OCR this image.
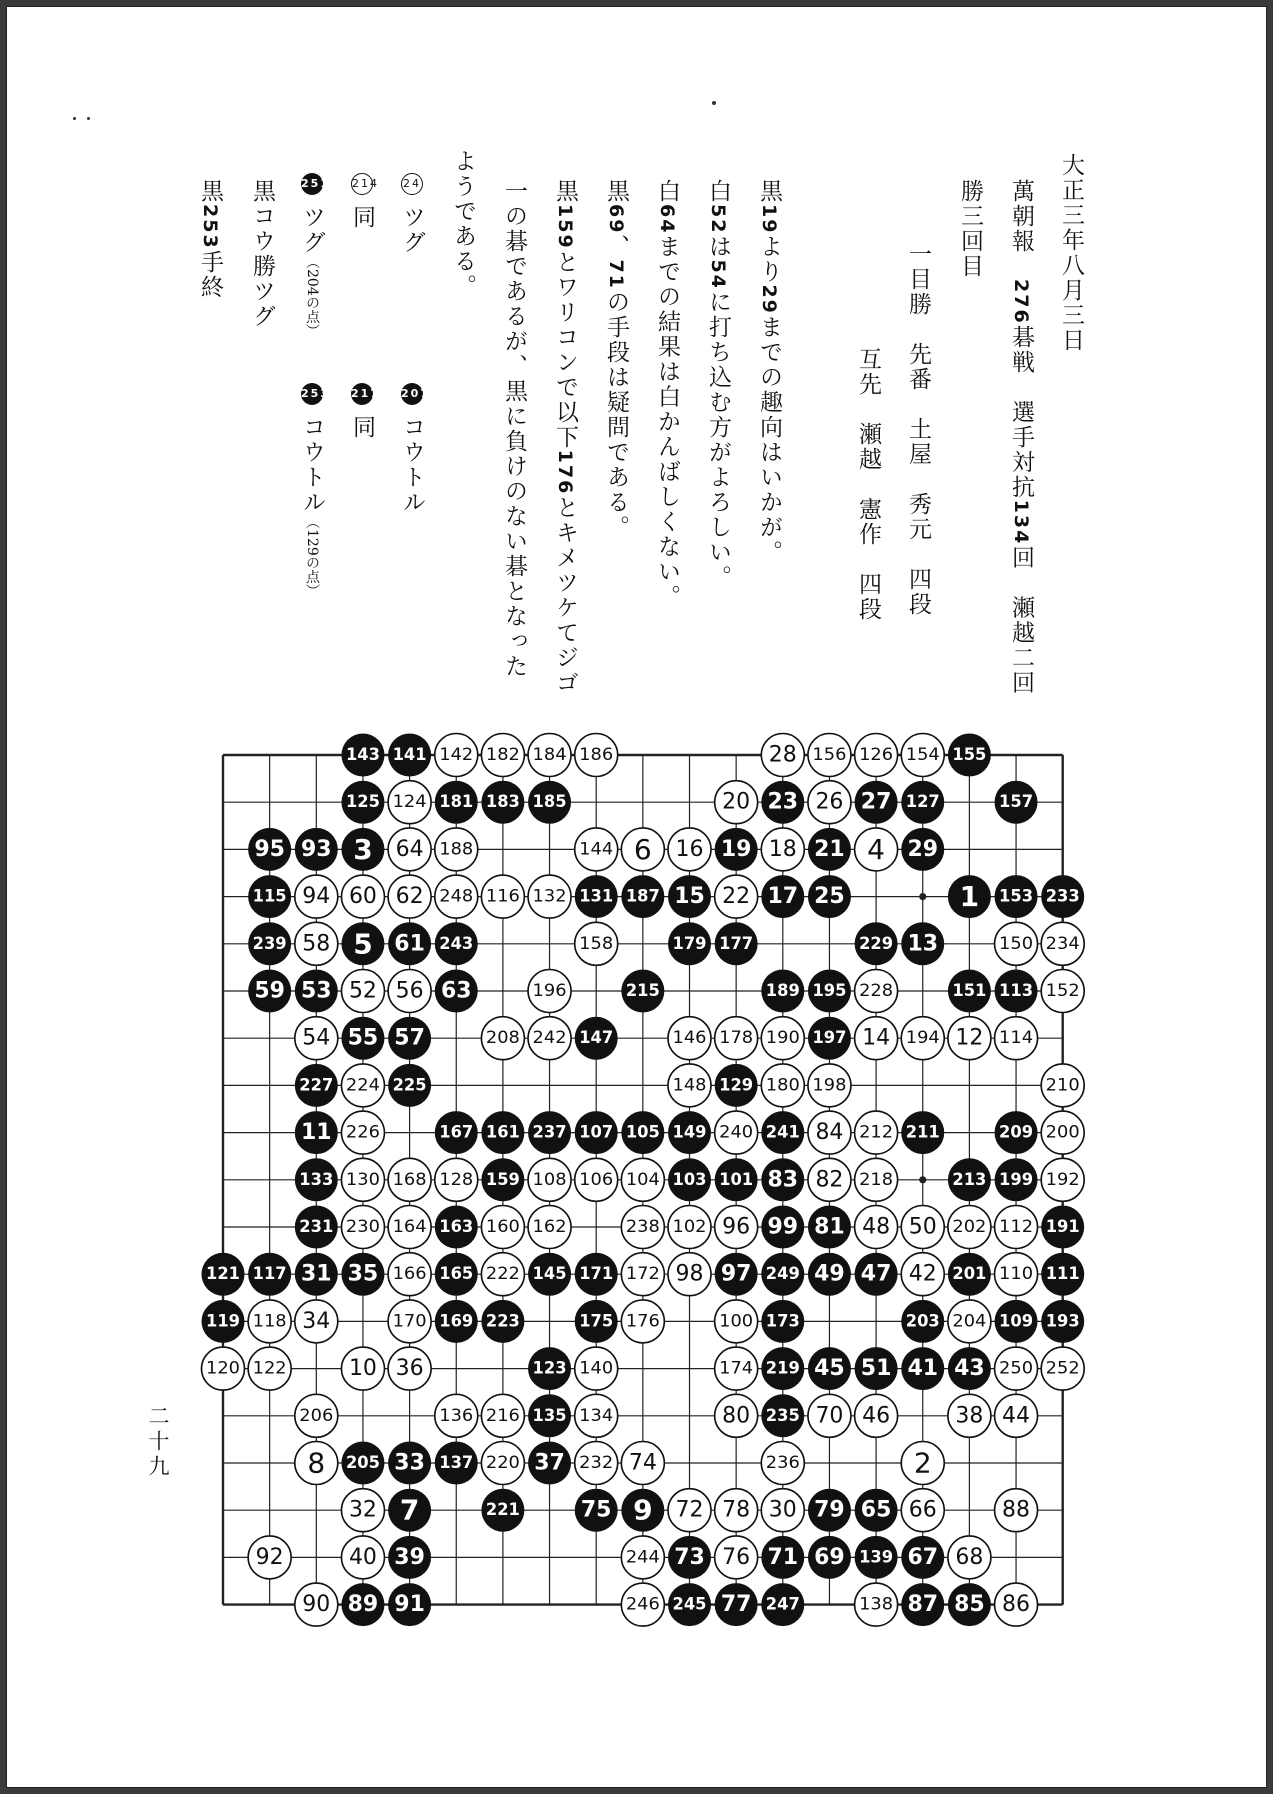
大正三年八月三日
萬朝報　276碁戦　選手対抗134回　瀬越二回
勝三回目
一目勝　先番　土屋　秀元　四段
互先　瀬越　憲作　四段
黒19より29までの趣向はいかが。
白52は54に打ち込む方がよろしい。
白64までの結果は白かんばしくない。
黒69、71の手段は疑問である。
黒159とワリコンで以下176とキメツケてジゴ
一の碁であるが、黒に負けのない碁となった
ようである。
24ツグ
207コウトル
214同
217同
251ツグ（204の点）
253コウトル（129の点）
黒コウ勝ツグ
黒253手終
二十九
143 141 142 182 184 186	28 156 126 154 155
125 124 181 183 185	20 23 26 27 127	157
95 93 3 64 188	144 6 16 19 18 21 4 29
115 94 60 62 248 116 132 131 187 15 22 17 25	1 153 233
239 58 5 61 243	158	179 177	229 13	150 234
59 53 52 56 63	196	215	189 195 228	151 113 152
54 55 57	208 242 147	146 178 190 197 14 194 12 114
227 224 225	148 129 180 198	210
11 226	167 161 237 107 105 149 240 241 84 212 211	209 200
133 130 168 128 159 108 106 104 103 101 83 82 218	213 199 192
231 230 164 163 160 162	238 102 96 99 81 48 50 202 112 191
121 117 31 35 166 165 222 145 171 172 98 97 249 49 47 42 201 110 111
119 118 34	170 169 223	175 176	100 173	203 204 109 193
120 122	10 36	123 140	174 219 45 51 41 43 250 252
206	136 216 135 134	80 235 70 46	38 44
8 205 33 137 220 37 232 74	236	2
32 7	221	75 9 72 78 30 79 65 66	88
92	40 39	244 73 76 71 69 139 67 68
90 89 91	246 245 77 247	138 87 85 86
